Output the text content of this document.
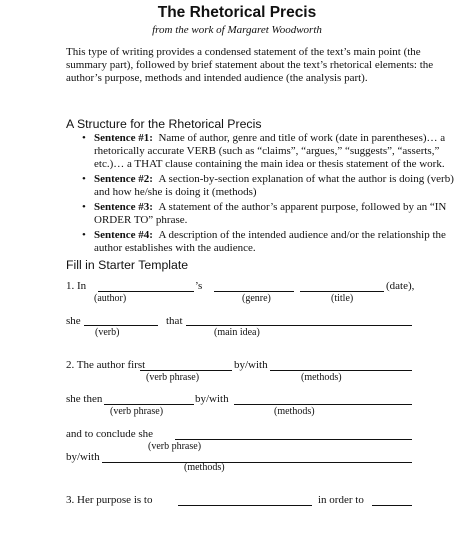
The Rhetorical Precis
from the work of Margaret Woodworth
This type of writing provides a condensed statement of the text’s main point (the
summary part), followed by brief statement about the text’s rhetorical elements: the
author’s purpose, methods and intended audience (the analysis part).
A Structure for the Rhetorical Precis
• Sentence #1: Name of author, genre and title of work (date in parentheses)… a
rhetorically accurate VERB (such as “claims”, “argues,” “suggests”, “asserts,”
etc.)… a THAT clause containing the main idea or thesis statement of the work.
• Sentence #2: A section-by-section explanation of what the author is doing (verb)
and how he/she is doing it (methods)
• Sentence #3: A statement of the author’s apparent purpose, followed by an “IN
ORDER TO” phrase.
• Sentence #4: A description of the intended audience and/or the relationship the
author establishes with the audience.
Fill in Starter Template
1. In	’s	(date),
(author)	(genre)	(title)
she	that
(verb)	(main idea)
2. The author first	by/with
(verb phrase)	(methods)
she then	by/with
(verb phrase)	(methods)
and to conclude she
(verb phrase)
by/with
(methods)
3. Her purpose is to	in order to
